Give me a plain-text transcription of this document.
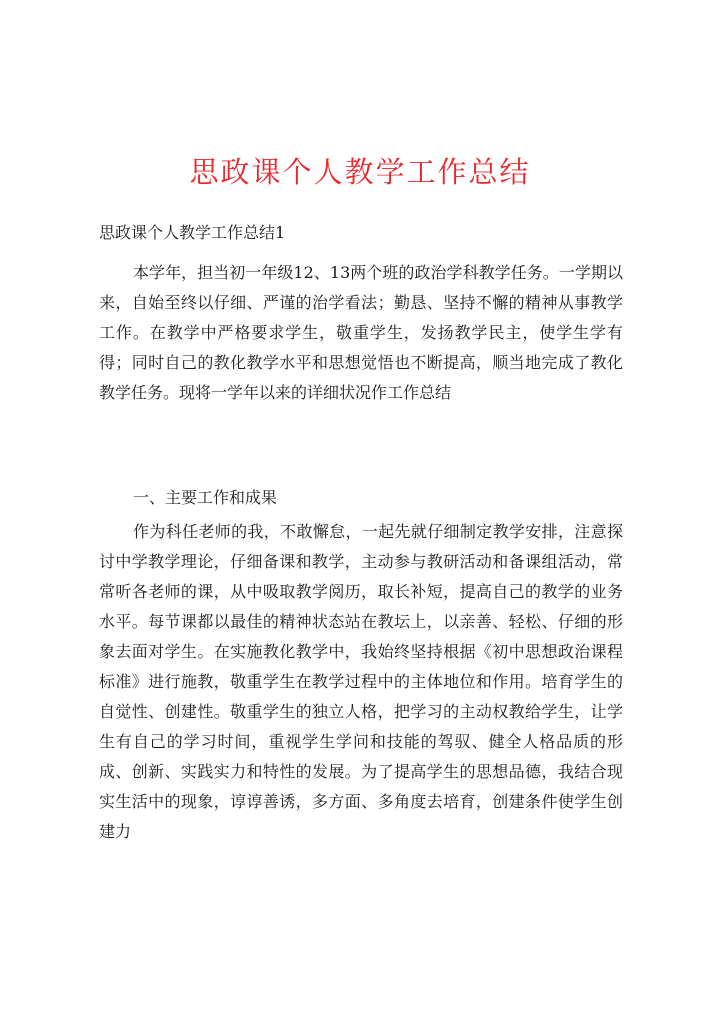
思政课个人教学工作总结

思政课个人教学工作总结1

本学年，担当初一年级12、13两个班的政治学科教学任务。一学期以来，自始至终以仔细、严谨的治学看法；勤恳、坚持不懈的精神从事教学工作。在教学中严格要求学生，敬重学生，发扬教学民主，使学生学有得；同时自己的教化教学水平和思想觉悟也不断提高，顺当地完成了教化教学任务。现将一学年以来的详细状况作工作总结

一、主要工作和成果

作为科任老师的我，不敢懈怠，一起先就仔细制定教学安排，注意探讨中学教学理论，仔细备课和教学，主动参与教研活动和备课组活动，常常听各老师的课，从中吸取教学阅历，取长补短，提高自己的教学的业务水平。每节课都以最佳的精神状态站在教坛上，以亲善、轻松、仔细的形象去面对学生。在实施教化教学中，我始终坚持根据《初中思想政治课程标准》进行施教，敬重学生在教学过程中的主体地位和作用。培育学生的自觉性、创建性。敬重学生的独立人格，把学习的主动权教给学生，让学生有自己的学习时间，重视学生学问和技能的驾驭、健全人格品质的形成、创新、实践实力和特性的发展。为了提高学生的思想品德，我结合现实生活中的现象，谆谆善诱，多方面、多角度去培育，创建条件使学生创建力
